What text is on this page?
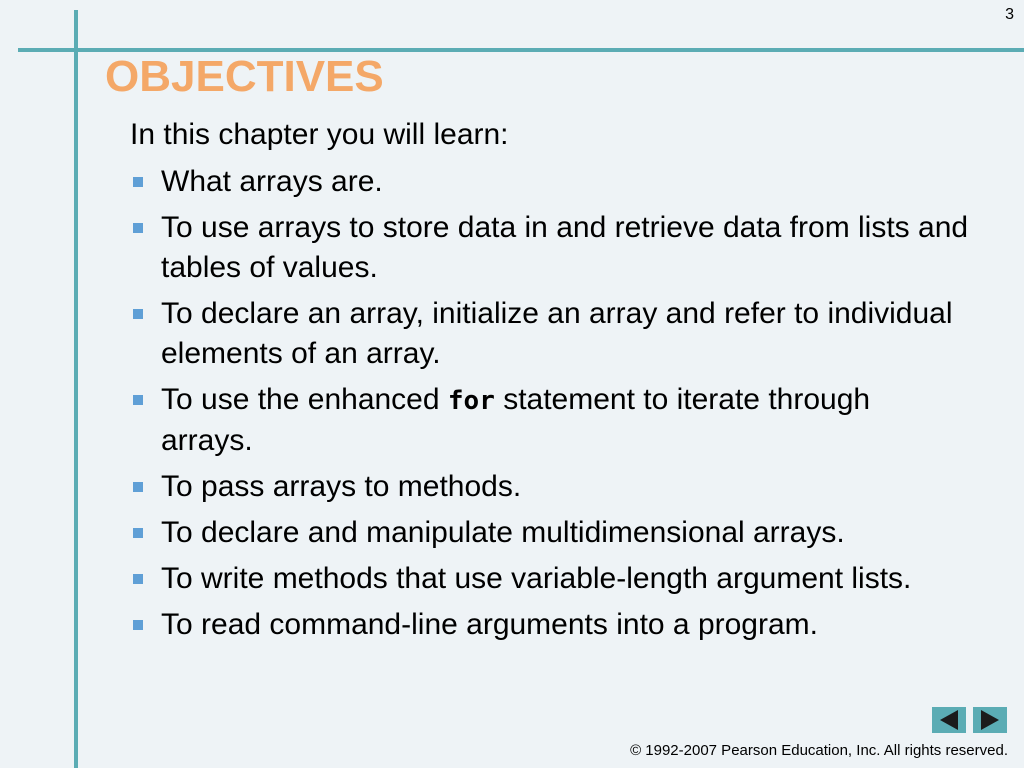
3
OBJECTIVES
In this chapter you will learn:
What arrays are.
To use arrays to store data in and retrieve data from lists and tables of values.
To declare an array, initialize an array and refer to individual elements of an array.
To use the enhanced for statement to iterate through arrays.
To pass arrays to methods.
To declare and manipulate multidimensional arrays.
To write methods that use variable-length argument lists.
To read command-line arguments into a program.
© 1992-2007 Pearson Education, Inc. All rights reserved.
